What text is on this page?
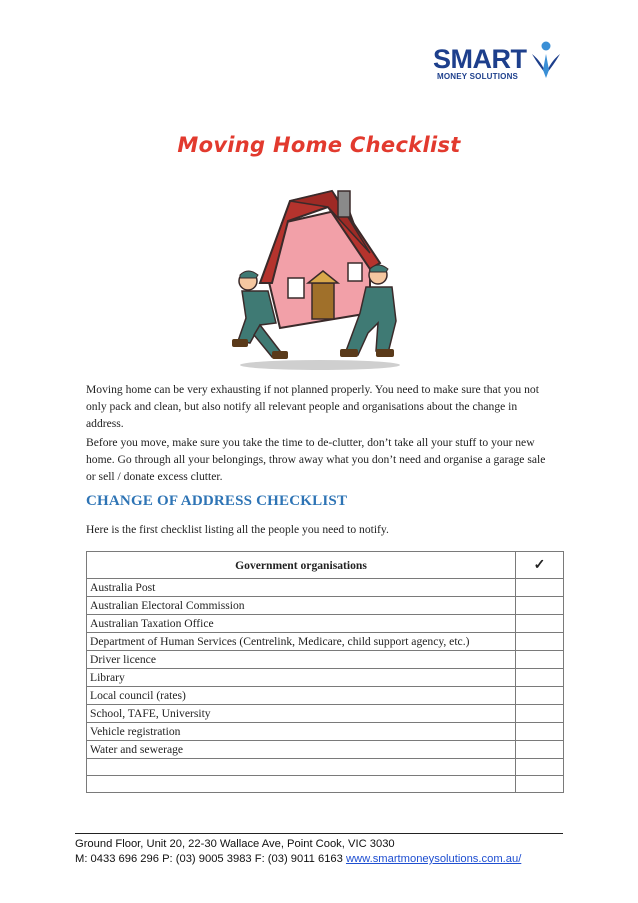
SMART
MONEY SOLUTIONS
Moving Home Checklist

Moving home can be very exhausting if not planned properly. You need to make sure that you not only pack and clean, but also notify all relevant people and organisations about the change in address.

Before you move, make sure you take the time to de-clutter, don’t take all your stuff to your new home. Go through all your belongings, throw away what you don’t need and organise a garage sale or sell / donate excess clutter.

CHANGE OF ADDRESS CHECKLIST
Here is the first checklist listing all the people you need to notify.
Government organisations	✓
Australia Post	
Australian Electoral Commission	
Australian Taxation Office	
Department of Human Services (Centrelink, Medicare, child support agency, etc.)	
Driver licence	
Library	
Local council (rates)	
School, TAFE, University	
Vehicle registration	
Water and sewerage	

Ground Floor, Unit 20, 22-30 Wallace Ave, Point Cook, VIC 3030
M: 0433 696 296 P: (03) 9005 3983 F: (03) 9011 6163 www.smartmoneysolutions.com.au/
